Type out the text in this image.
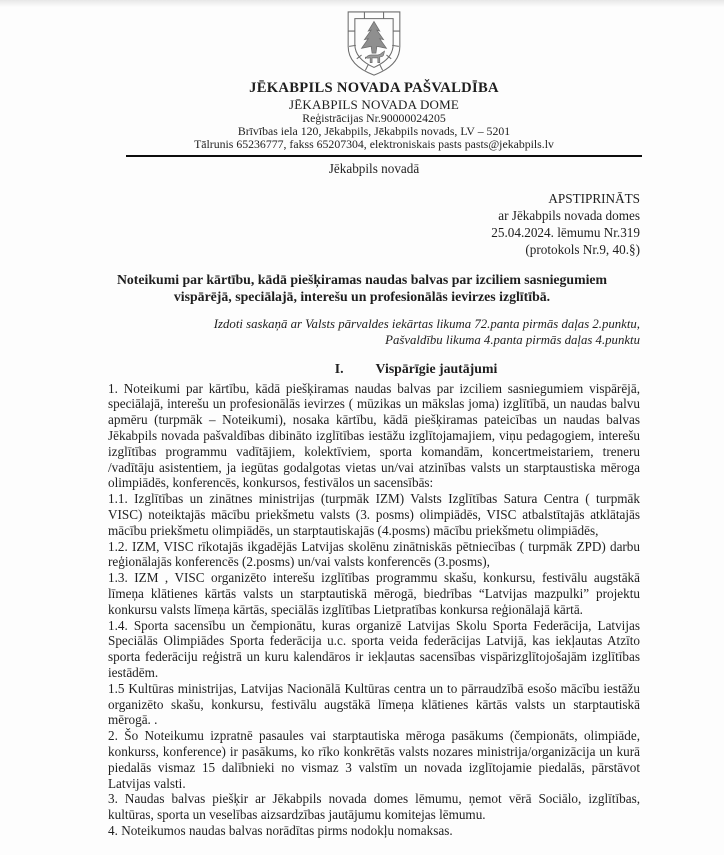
JĒKABPILS NOVADA PAŠVALDĪBA
JĒKABPILS NOVADA DOME
Reģistrācijas Nr.90000024205
Brīvības iela 120, Jēkabpils, Jēkabpils novads, LV – 5201
Tālrunis 65236777, fakss 65207304, elektroniskais pasts pasts@jekabpils.lv
Jēkabpils novadā
APSTIPRINĀTS
ar Jēkabpils novada domes
25.04.2024. lēmumu Nr.319
(protokols Nr.9, 40.§)
Noteikumi par kārtību, kādā piešķiramas naudas balvas par izciliem sasniegumiem vispārējā, speciālajā, interešu un profesionālās ievirzes izglītībā.
Izdoti saskaņā ar Valsts pārvaldes iekārtas likuma 72.panta pirmās daļas 2.punktu,
Pašvaldību likuma 4.panta pirmās daļas 4.punktu
I. Vispārīgie jautājumi

1. Noteikumi par kārtību, kādā piešķiramas naudas balvas par izciliem sasniegumiem vispārējā, speciālajā, interešu un profesionālās ievirzes ( mūzikas un mākslas joma) izglītībā, un naudas balvu apmēru (turpmāk – Noteikumi), nosaka kārtību, kādā piešķiramas pateicības un naudas balvas Jēkabpils novada pašvaldības dibināto izglītības iestāžu izglītojamajiem, viņu pedagogiem, interešu izglītības programmu vadītājiem, kolektīviem, sporta komandām, koncertmeistariem, treneru /vadītāju asistentiem, ja iegūtas godalgotas vietas un/vai atzinības valsts un starptaustiska mēroga olimpiādēs, konferencēs, konkursos, festivālos un sacensībās:

1.1. Izglītības un zinātnes ministrijas (turpmāk IZM) Valsts Izglītības Satura Centra ( turpmāk VISC) noteiktajās mācību priekšmetu valsts (3. posms) olimpiādēs, VISC atbalstītajās atklātajās mācību priekšmetu olimpiādēs, un starptautiskajās (4.posms) mācību priekšmetu olimpiādēs,

1.2. IZM, VISC rīkotajās ikgadējās Latvijas skolēnu zinātniskās pētniecības ( turpmāk ZPD) darbu reģionālajās konferencēs (2.posms) un/vai valsts konferencēs (3.posms),

1.3. IZM , VISC organizēto interešu izglītības programmu skašu, konkursu, festivālu augstākā līmeņa klātienes kārtās valsts un starptautiskā mērogā, biedrības “Latvijas mazpulki” projektu konkursu valsts līmeņa kārtās, speciālās izglītības Lietpratības konkursa reģionālajā kārtā.

1.4. Sporta sacensību un čempionātu, kuras organizē Latvijas Skolu Sporta Federācija, Latvijas Speciālās Olimpiādes Sporta federācija u.c. sporta veida federācijas Latvijā, kas iekļautas Atzīto sporta federāciju reģistrā un kuru kalendāros ir iekļautas sacensības vispārizglītojošajām izglītības iestādēm.

1.5 Kultūras ministrijas, Latvijas Nacionālā Kultūras centra un to pārraudzībā esošo mācību iestāžu organizēto skašu, konkursu, festivālu augstākā līmeņa klātienes kārtās valsts un starptautiskā mērogā. .

2. Šo Noteikumu izpratnē pasaules vai starptautiska mēroga pasākums (čempionāts, olimpiāde, konkurss, konference) ir pasākums, ko rīko konkrētās valsts nozares ministrija/organizācija un kurā piedalās vismaz 15 dalībnieki no vismaz 3 valstīm un novada izglītojamie piedalās, pārstāvot Latvijas valsti.

3. Naudas balvas piešķir ar Jēkabpils novada domes lēmumu, ņemot vērā Sociālo, izglītības, kultūras, sporta un veselības aizsardzības jautājumu komitejas lēmumu.

4. Noteikumos naudas balvas norādītas pirms nodokļu nomaksas.
